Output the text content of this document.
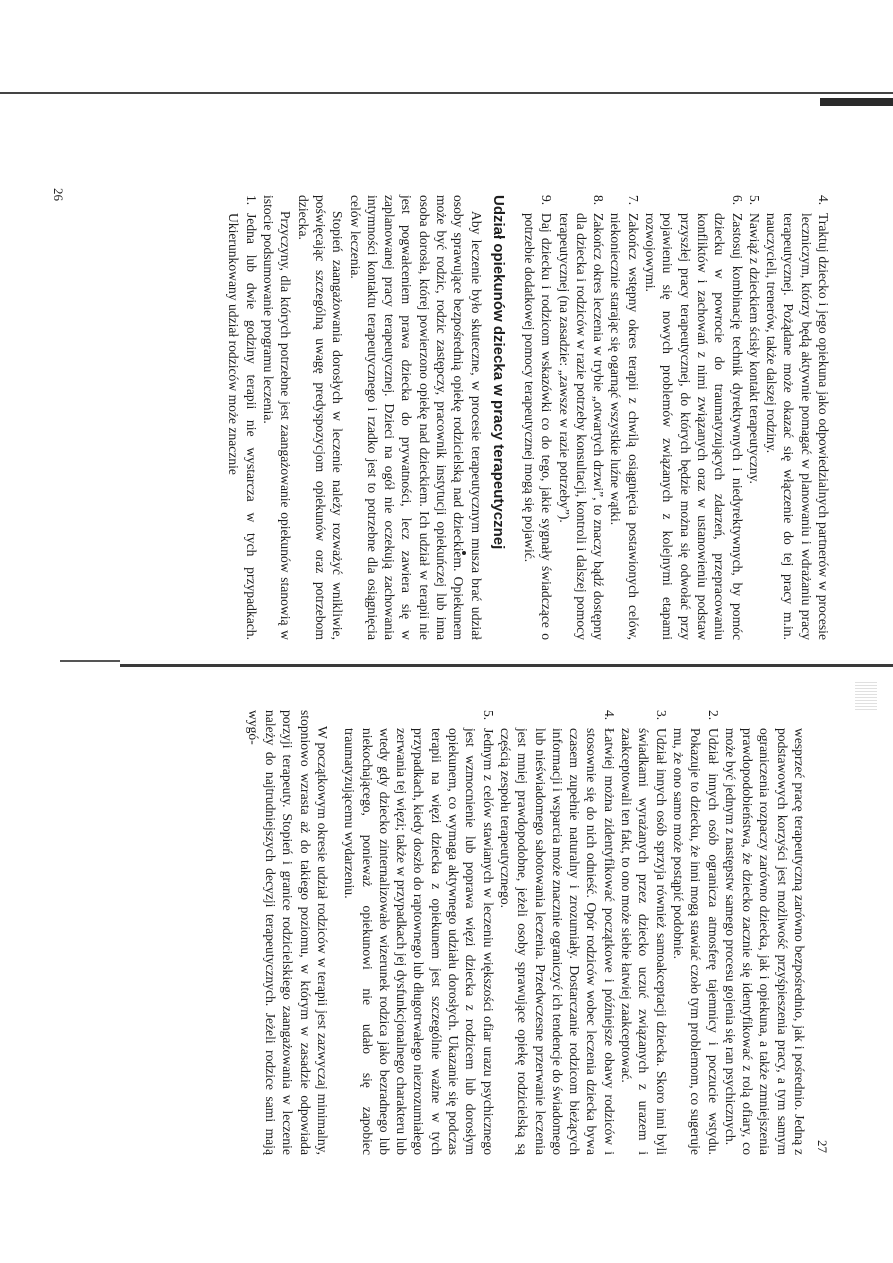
4.
Traktuj dziecko i jego opiekuna jako odpowiedzialnych partnerów w procesie leczniczym, którzy będą aktywnie pomagać w planowaniu i wdrażaniu pracy terapeutycznej. Pożądane może okazać się włączenie do tej pracy m.in. nauczycieli, trenerów, także dalszej rodziny.
5.
Nawiąż z dzieckiem ścisły kontakt terapeutyczny.
6.
Zastosuj kombinację technik dyrektywnych i niedyrektywnych, by pomóc dziecku w powrocie do traumatyzujących zdarzeń, przepracowaniu konfliktów i zachowań z nimi związanych oraz w ustanowieniu podstaw przyszłej pracy terapeutycznej, do których będzie można się odwołać przy pojawieniu się nowych problemów związanych z kolejnymi etapami rozwojowymi.
7.
Zakończ wstępny okres terapii z chwilą osiągnięcia postawionych celów, niekoniecznie starając się ogarnąć wszystkie luźne wątki.
8.
Zakończ okres leczenia w trybie „otwartych drzwi”, to znaczy bądź dostępny dla dziecka i rodziców w razie potrzeby konsultacji, kontroli i dalszej pomocy terapeutycznej (na zasadzie: „zawsze w razie potrzeby”).
9.
Daj dziecku i rodzicom wskazówki co do tego, jakie sygnały świadczące o potrzebie dodatkowej pomocy terapeutycznej mogą się pojawić.
Udział opiekunów dziecka w pracy terapeutycznej

Aby leczenie było skuteczne, w procesie terapeutycznym musza brać udział osoby sprawujące bezpośrednią opiekę rodzicielską nad dzieckiem. Opiekunem może być rodzic, rodzic zastępczy, pracownik instytucji opiekuńczej lub inna osoba dorosła, której powierzono opiekę nad dzieckiem. Ich udział w terapii nie jest pogwałceniem prawa dziecka do prywatności, lecz zawiera się w zaplanowanej pracy terapeutycznej. Dzieci na ogół nie oczekują zachowania intymności kontaktu terapeutycznego i rzadko jest to potrzebne dla osiągnięcia celów leczenia.

Stopień zaangażowania dorosłych w leczenie należy rozważyć wnikliwie, poświęcając szczególną uwagę predyspozycjom opiekunów oraz potrzebom dziecka.

Przyczyny, dla których potrzebne jest zaangażowanie opiekunów stanowią w istocie podsumowanie programu leczenia.

1.
Jedna lub dwie godziny terapii nie wystarcza w tych przypadkach. Ukierunkowany udział rodziców może znacznie
26

wesprzeć pracę terapeutyczną zarówno bezpośrednio, jak i pośrednio. Jedną z podstawowych korzyści jest możliwość przyśpieszenia pracy, a tym samym ograniczenia rozpaczy zarówno dziecka, jak i opiekuna, a także zmniejszenia prawdopodobieństwa, że dziecko zacznie się identyfikować z rolą ofiary, co może być jednym z następstw samego procesu gojenia się ran psychicznych.

2.
Udział innych osób ogranicza atmosferę tajemnicy i poczucie wstydu. Pokazuje to dziecku, że inni mogą stawiać czoło tym problemom, co sugeruje mu, że ono samo może postąpić podobnie.
3.
Udział innych osób sprzyja również samoakceptacji dziecka. Skoro inni byli świadkami wyrażanych przez dziecko uczuć związanych z urazem i zaakceptowali ten fakt, to ono może siebie łatwiej zaakceptować.
4.
Łatwiej można zidentyfikować początkowe i późniejsze obawy rodziców i stosownie się do nich odnieść. Opór rodziców wobec leczenia dziecka bywa czasem zupełnie naturalny i zrozumiały. Dostarczanie rodzicom bieżących informacji i wsparcia może znacznie ograniczyć ich tendencje do świadomego lub nieświadomego sabotowania leczenia. Przedwczesne przerwanie leczenia jest mniej prawdopodobne, jeżeli osoby sprawujące opiekę rodzicielską są częścią zespołu terapeutycznego.
5.
Jednym z celów stawianych w leczeniu większości ofiar urazu psychicznego jest wzmocnienie lub poprawa więzi dziecka z rodzicem lub dorosłym opiekunem, co wymaga aktywnego udziału dorosłych. Ukazanie się podczas terapii na więzi dziecka z opiekunem jest szczególnie ważne w tych przypadkach, kiedy doszło do raptownego lub długotrwałego niezrozumiałego zerwania tej więzi; także w przypadkach jej dysfunkcjonalnego charakteru lub wtedy gdy dziecko zinternalizowało wizerunek rodzica jako bezradnego lub niekochającego, ponieważ opiekunowi nie udało się zapobiec traumatyzującemu wydarzeniu.

W początkowym okresie udział rodziców w terapii jest zazwyczaj minimalny, stopniowo wzrasta aż do takiego poziomu, w którym w zasadzie odpowiada porzyji terapeuty. Stopień i granice rodzicielskiego zaangażowania w leczenie należy do najtrudniejszych decyzji terapeutycznych. Jeżeli rodzice sami mają wygó-

27
